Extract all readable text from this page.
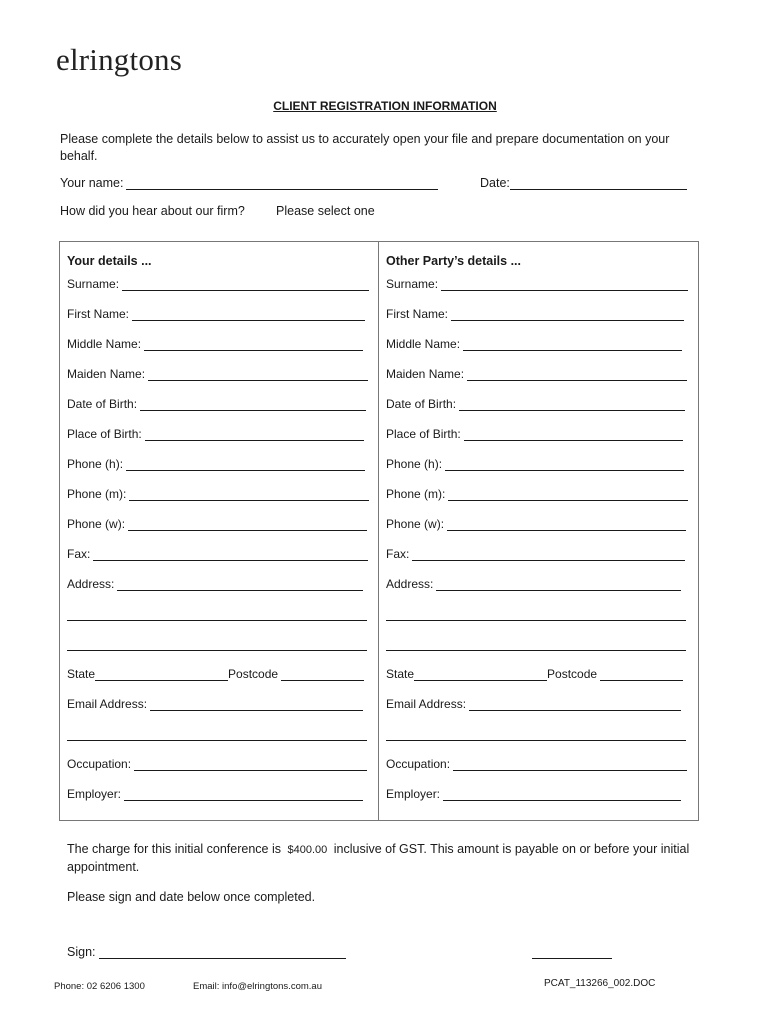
elringtons
CLIENT REGISTRATION INFORMATION
Please complete the details below to assist us to accurately open your file and prepare documentation on your behalf.
Your name:	Date:
How did you hear about our firm? Please select one
Your details ...
Surname:
First Name:
Middle Name:
Maiden Name:
Date of Birth:
Place of Birth:
Phone (h):
Phone (m):
Phone (w):
Fax:
Address:
State	Postcode
Email Address:
Occupation:
Employer:
Other Party’s details ...
Surname:
First Name:
Middle Name:
Maiden Name:
Date of Birth:
Place of Birth:
Phone (h):
Phone (m):
Phone (w):
Fax:
Address:
State	Postcode
Email Address:
Occupation:
Employer:
The charge for this initial conference is $400.00 inclusive of GST. This amount is payable on or before your initial appointment.
Please sign and date below once completed.
Sign:
Phone: 02 6206 1300	Email: info@elringtons.com.au	PCAT_113266_002.DOC
